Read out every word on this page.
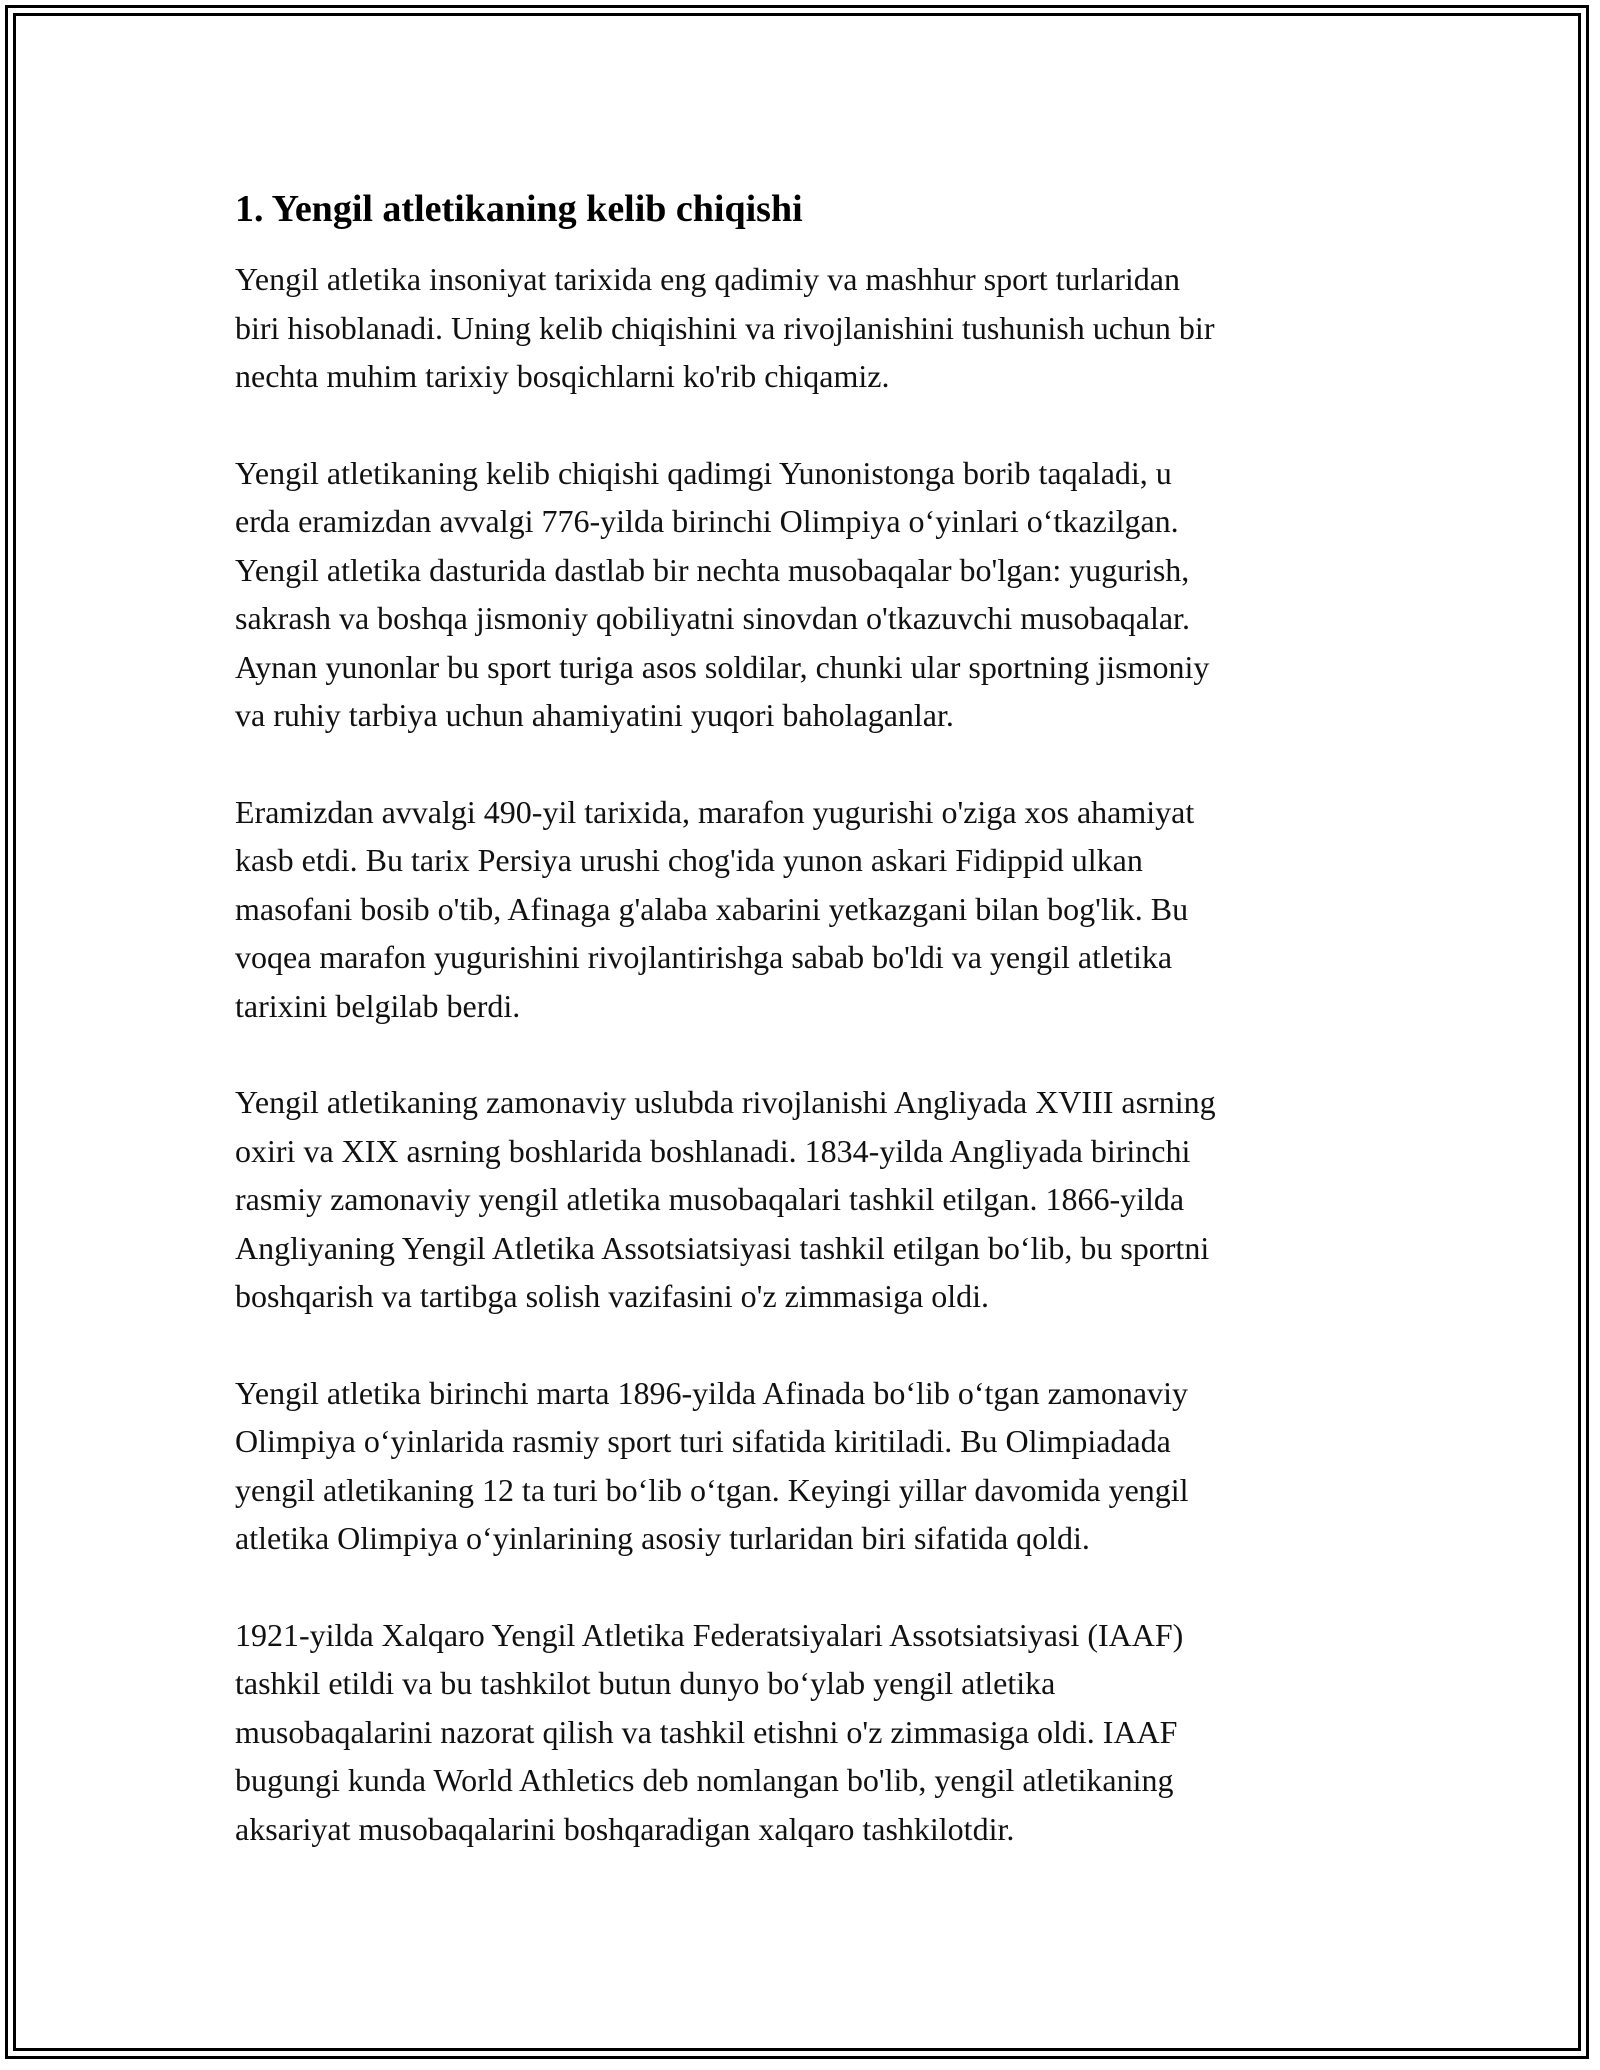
1. Yengil atletikaning kelib chiqishi

Yengil atletika insoniyat tarixida eng qadimiy va mashhur sport turlaridan
biri hisoblanadi. Uning kelib chiqishini va rivojlanishini tushunish uchun bir
nechta muhim tarixiy bosqichlarni ko'rib chiqamiz.

Yengil atletikaning kelib chiqishi qadimgi Yunonistonga borib taqaladi, u
erda eramizdan avvalgi 776-yilda birinchi Olimpiya o‘yinlari o‘tkazilgan.
Yengil atletika dasturida dastlab bir nechta musobaqalar bo'lgan: yugurish,
sakrash va boshqa jismoniy qobiliyatni sinovdan o'tkazuvchi musobaqalar.
Aynan yunonlar bu sport turiga asos soldilar, chunki ular sportning jismoniy
va ruhiy tarbiya uchun ahamiyatini yuqori baholaganlar.

Eramizdan avvalgi 490-yil tarixida, marafon yugurishi o'ziga xos ahamiyat
kasb etdi. Bu tarix Persiya urushi chog'ida yunon askari Fidippid ulkan
masofani bosib o'tib, Afinaga g'alaba xabarini yetkazgani bilan bog'lik. Bu
voqea marafon yugurishini rivojlantirishga sabab bo'ldi va yengil atletika
tarixini belgilab berdi.

Yengil atletikaning zamonaviy uslubda rivojlanishi Angliyada XVIII asrning
oxiri va XIX asrning boshlarida boshlanadi. 1834-yilda Angliyada birinchi
rasmiy zamonaviy yengil atletika musobaqalari tashkil etilgan. 1866-yilda
Angliyaning Yengil Atletika Assotsiatsiyasi tashkil etilgan bo‘lib, bu sportni
boshqarish va tartibga solish vazifasini o'z zimmasiga oldi.

Yengil atletika birinchi marta 1896-yilda Afinada bo‘lib o‘tgan zamonaviy
Olimpiya o‘yinlarida rasmiy sport turi sifatida kiritiladi. Bu Olimpiadada
yengil atletikaning 12 ta turi bo‘lib o‘tgan. Keyingi yillar davomida yengil
atletika Olimpiya o‘yinlarining asosiy turlaridan biri sifatida qoldi.

1921-yilda Xalqaro Yengil Atletika Federatsiyalari Assotsiatsiyasi (IAAF)
tashkil etildi va bu tashkilot butun dunyo bo‘ylab yengil atletika
musobaqalarini nazorat qilish va tashkil etishni o'z zimmasiga oldi. IAAF
bugungi kunda World Athletics deb nomlangan bo'lib, yengil atletikaning
aksariyat musobaqalarini boshqaradigan xalqaro tashkilotdir.
